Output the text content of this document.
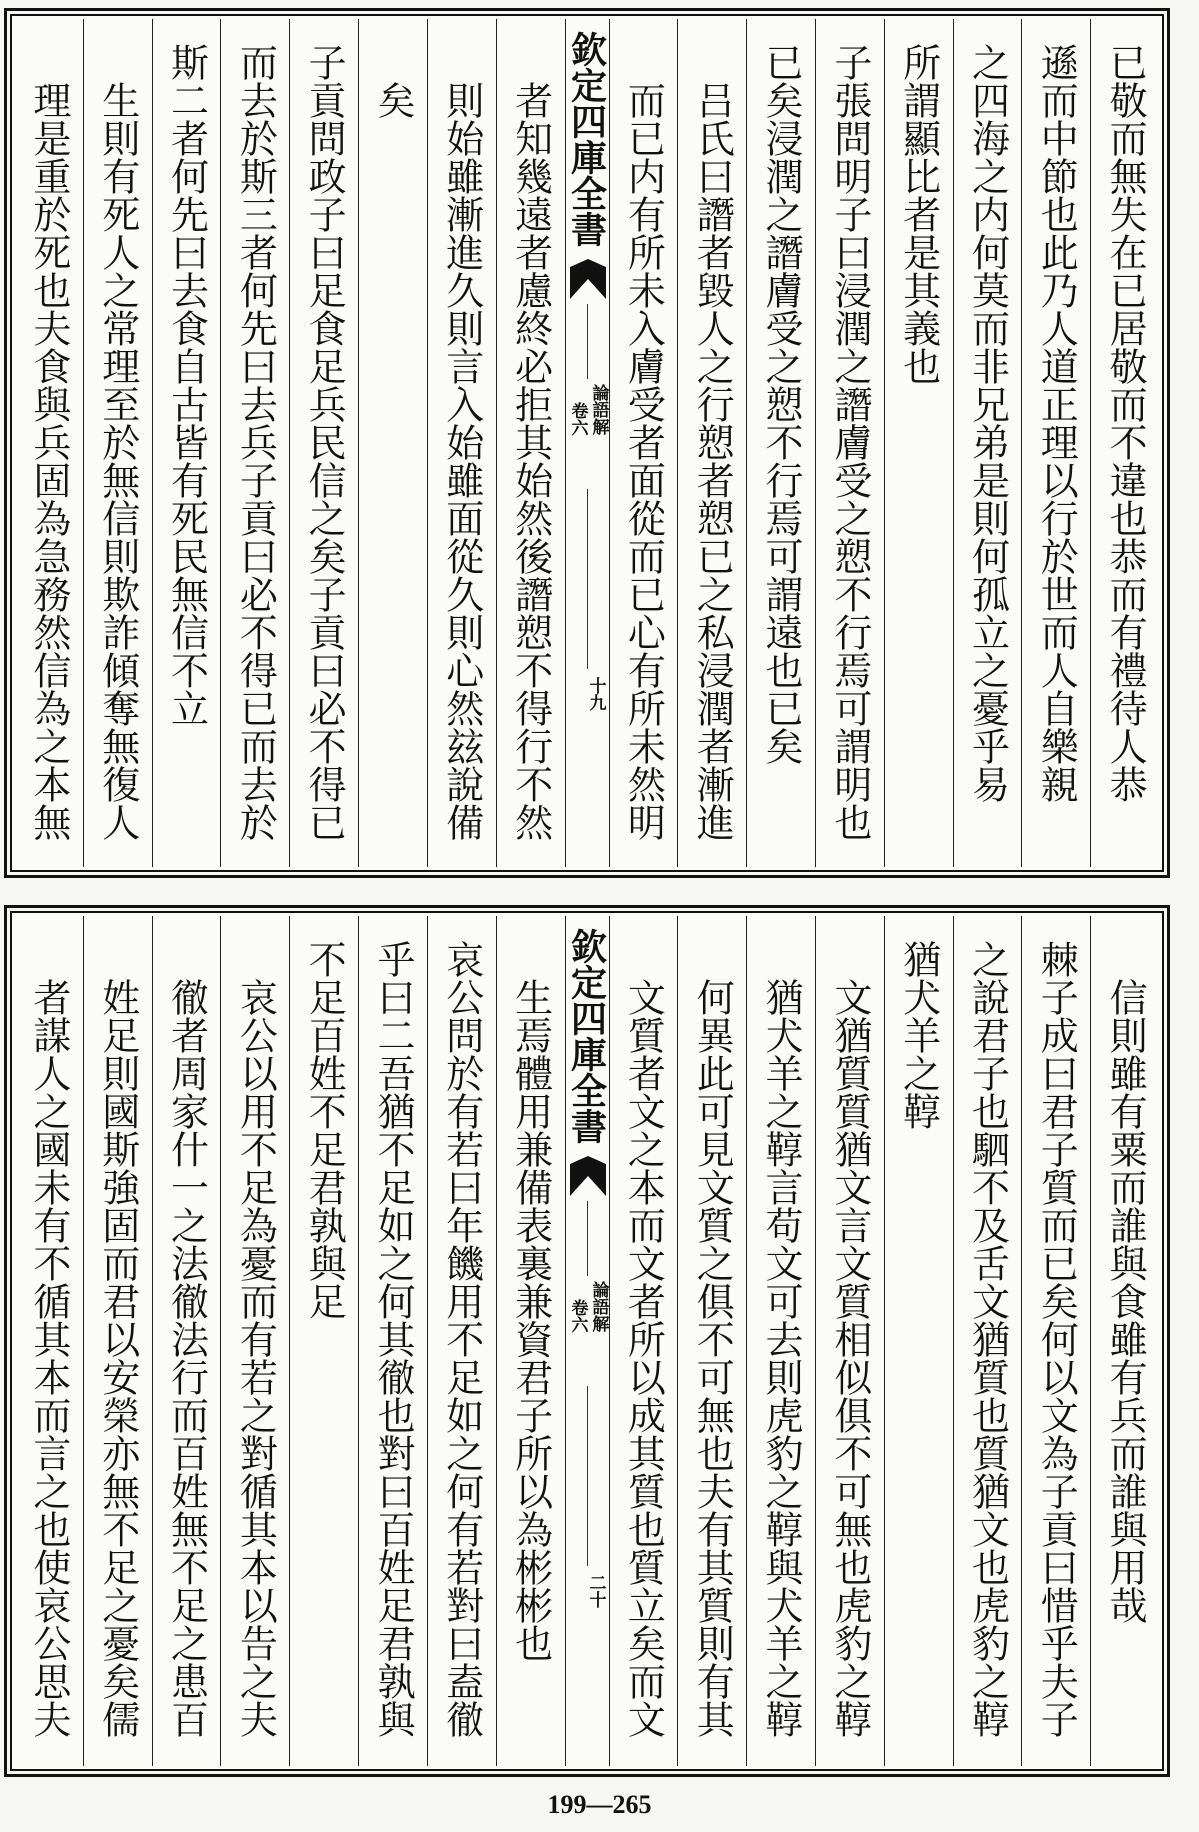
已敬而無失在已居敬而不違也恭而有禮待人恭
遜而中節也此乃人道正理以行於世而人自樂親
之四海之内何莫而非兄弟是則何孤立之憂乎易
所謂顯比者是其義也
子張問明子曰浸潤之譖膚受之愬不行焉可謂明也
已矣浸潤之譖膚受之愬不行焉可謂遠也已矣
吕氏曰譖者毀人之行愬者愬已之私浸潤者漸進
而已内有所未入膚受者面從而已心有所未然明
欽定四庫全書
論語解
卷六
十九
者知幾遠者慮終必拒其始然後譖愬不得行不然
則始雖漸進久則言入始雖面從久則心然玆說備
矣
子貢問政子曰足食足兵民信之矣子貢曰必不得已
而去於斯三者何先曰去兵子貢曰必不得已而去於
斯二者何先曰去食自古皆有死民無信不立
生則有死人之常理至於無信則欺詐傾奪無復人
理是重於死也夫食與兵固為急務然信為之本無
信則雖有粟而誰與食雖有兵而誰與用哉
棘子成曰君子質而已矣何以文為子貢曰惜乎夫子
之說君子也駟不及舌文猶質也質猶文也虎豹之鞟
猶犬羊之鞟
文猶質質猶文言文質相似俱不可無也虎豹之鞟
猶犬羊之鞟言苟文可去則虎豹之鞟與犬羊之鞟
何異此可見文質之俱不可無也夫有其質則有其
文質者文之本而文者所以成其質也質立矣而文
欽定四庫全書
論語解
卷六
二十
生焉體用兼備表裏兼資君子所以為彬彬也
哀公問於有若曰年饑用不足如之何有若對曰盍徹
乎曰二吾猶不足如之何其徹也對曰百姓足君孰與
不足百姓不足君孰與足
哀公以用不足為憂而有若之對循其本以告之夫
徹者周家什一之法徹法行而百姓無不足之患百
姓足則國斯強固而君以安榮亦無不足之憂矣儒
者謀人之國未有不循其本而言之也使哀公思夫
199—265
